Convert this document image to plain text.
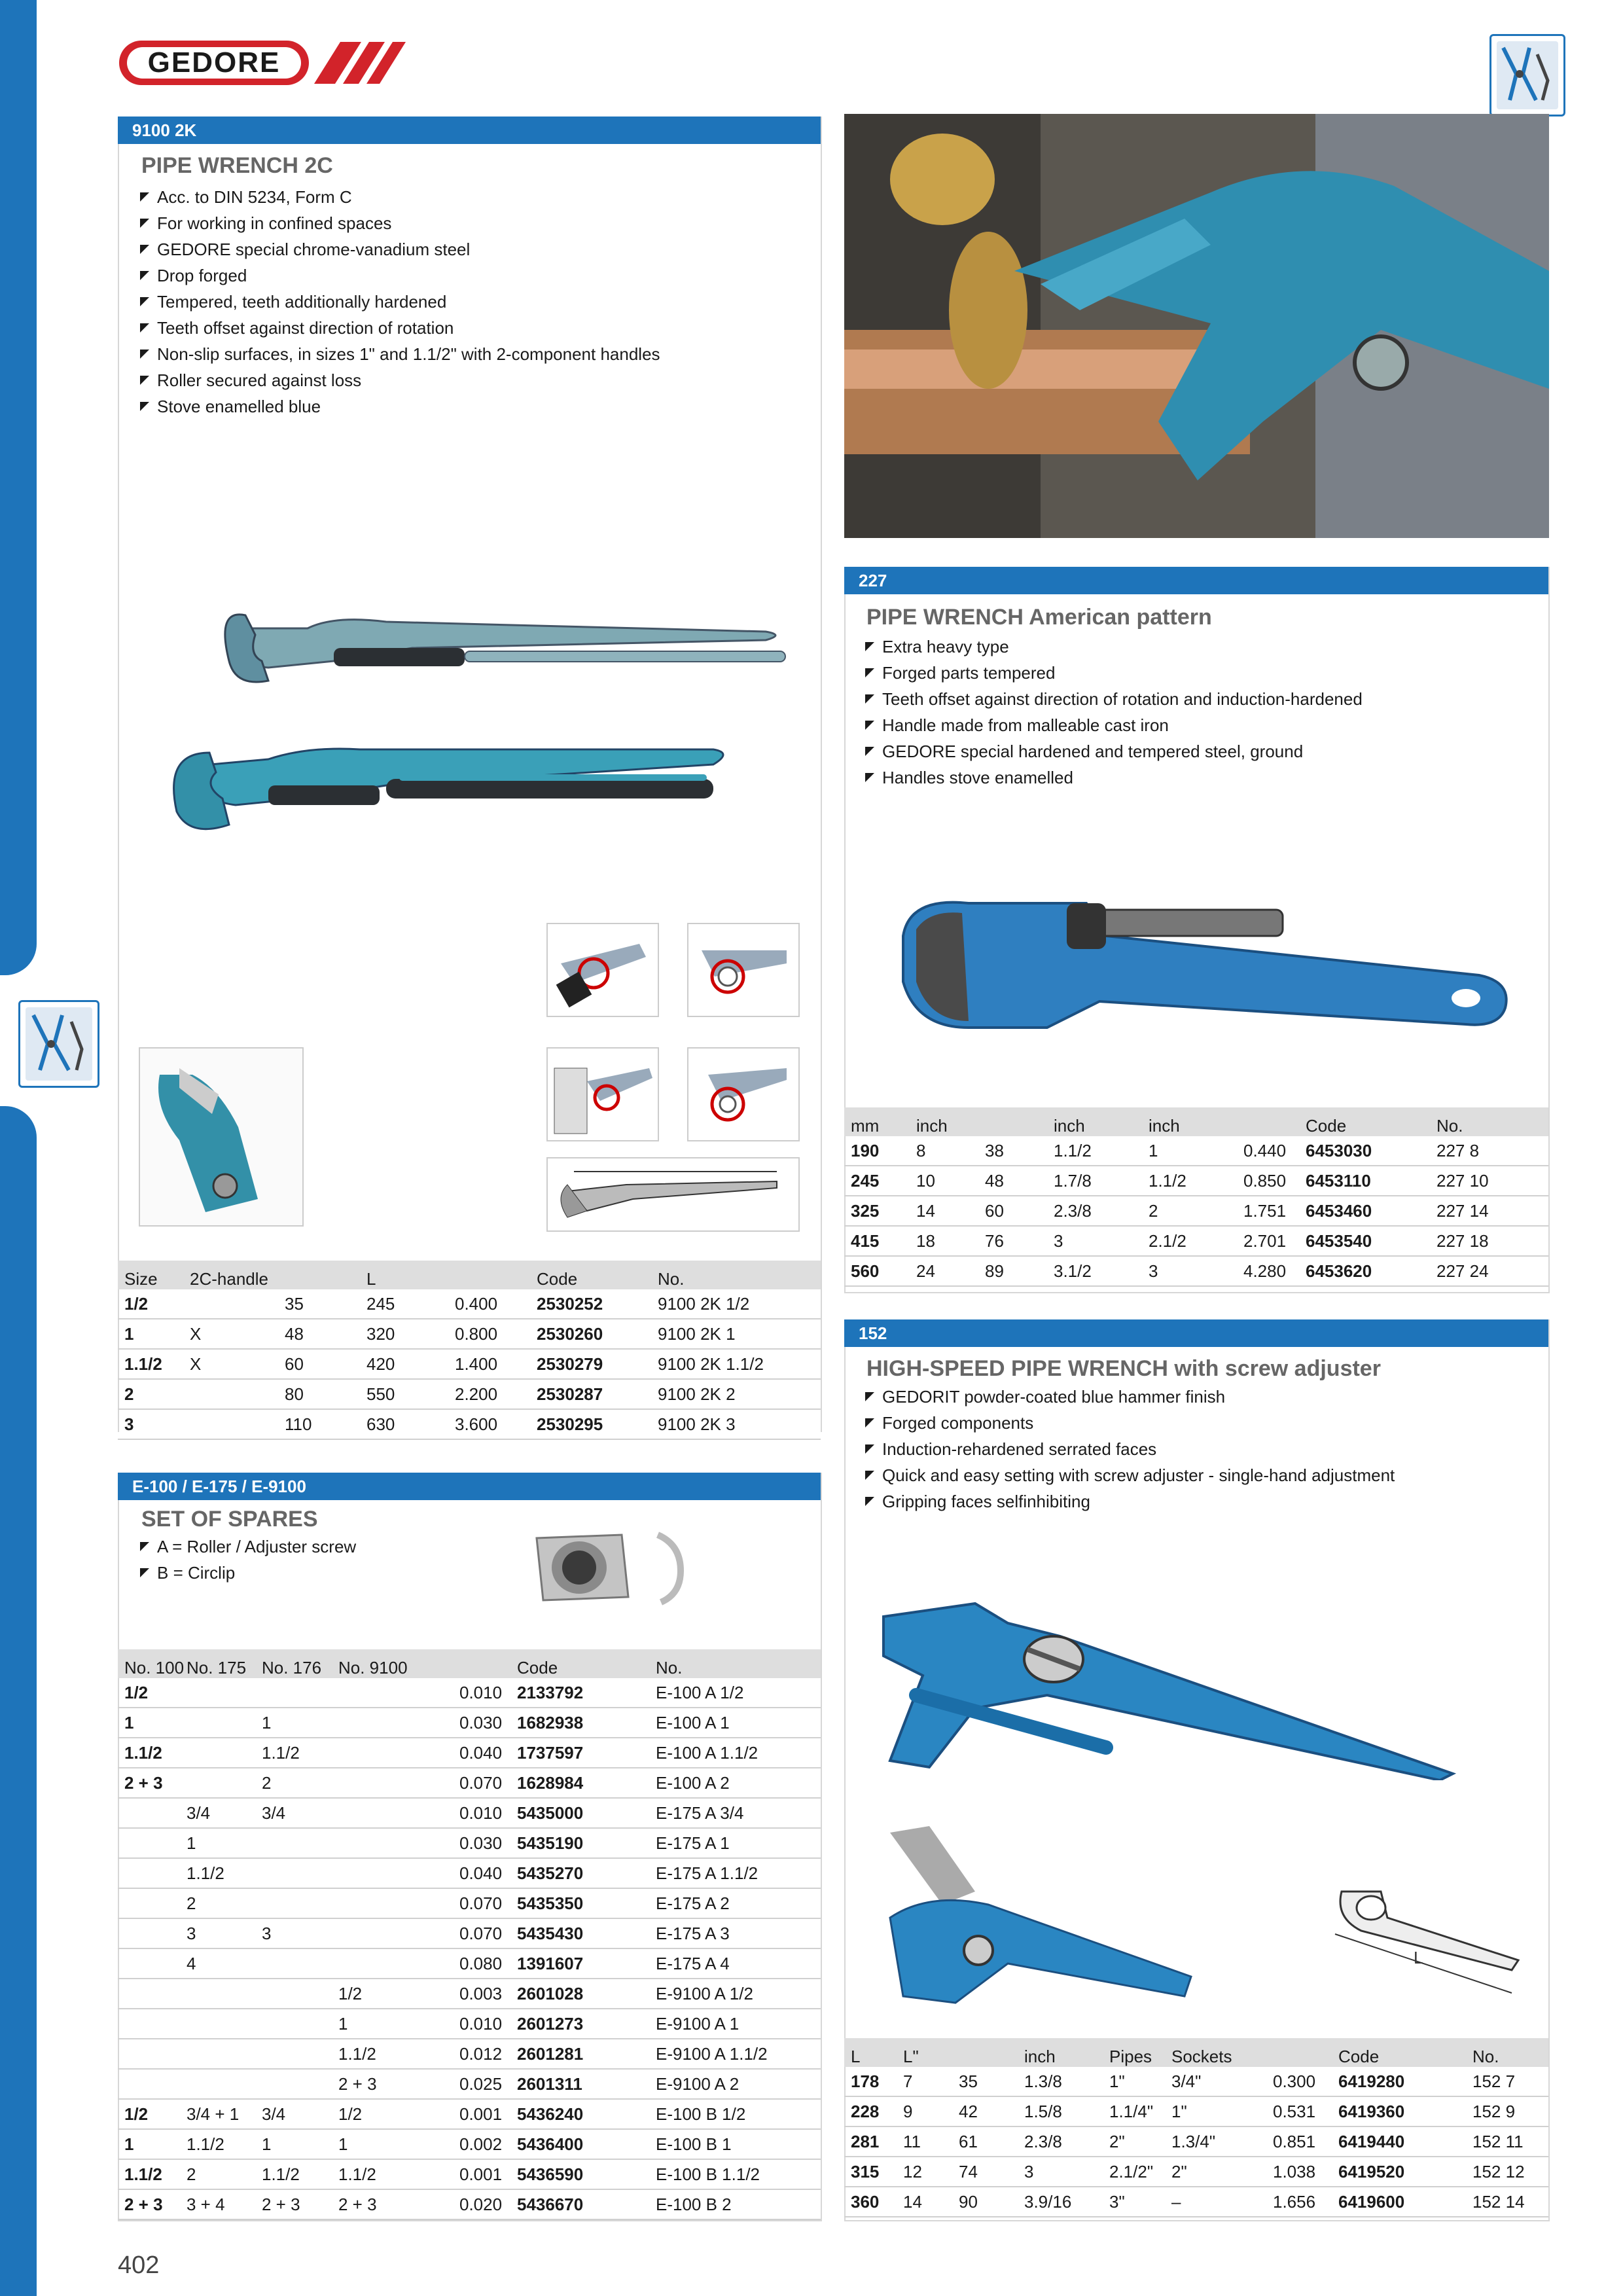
GEDORE
9100 2K
PIPE WRENCH 2C
Acc. to DIN 5234, Form C
For working in confined spaces
GEDORE special chrome-vanadium steel
Drop forged
Tempered, teeth additionally hardened
Teeth offset against direction of rotation
Non-slip surfaces, in sizes 1" and 1.1/2" with 2-component handles
Roller secured against loss
Stove enamelled blue
Size	2C-handle		L		Code	No.
1/2		35	245	0.400	2530252	9100 2K 1/2
1	X	48	320	0.800	2530260	9100 2K 1
1.1/2	X	60	420	1.400	2530279	9100 2K 1.1/2
2		80	550	2.200	2530287	9100 2K 2
3		110	630	3.600	2530295	9100 2K 3
E-100 / E-175 / E-9100
SET OF SPARES
A = Roller / Adjuster screw
B = Circlip
No. 100	No. 175	No. 176	No. 9100		Code	No.
1/2				0.010	2133792	E-100 A 1/2
1		1		0.030	1682938	E-100 A 1
1.1/2		1.1/2		0.040	1737597	E-100 A 1.1/2
2 + 3		2		0.070	1628984	E-100 A 2
	3/4	3/4		0.010	5435000	E-175 A 3/4
	1			0.030	5435190	E-175 A 1
	1.1/2			0.040	5435270	E-175 A 1.1/2
	2			0.070	5435350	E-175 A 2
	3	3		0.070	5435430	E-175 A 3
	4			0.080	1391607	E-175 A 4
			1/2	0.003	2601028	E-9100 A 1/2
			1	0.010	2601273	E-9100 A 1
			1.1/2	0.012	2601281	E-9100 A 1.1/2
			2 + 3	0.025	2601311	E-9100 A 2
1/2	3/4 + 1	3/4	1/2	0.001	5436240	E-100 B 1/2
1	1.1/2	1	1	0.002	5436400	E-100 B 1
1.1/2	2	1.1/2	1.1/2	0.001	5436590	E-100 B 1.1/2
2 + 3	3 + 4	2 + 3	2 + 3	0.020	5436670	E-100 B 2
402
227
PIPE WRENCH American pattern
Extra heavy type
Forged parts tempered
Teeth offset against direction of rotation and induction-hardened
Handle made from malleable cast iron
GEDORE special hardened and tempered steel, ground
Handles stove enamelled
mm	inch		inch	inch		Code	No.
190	8	38	1.1/2	1	0.440	6453030	227 8
245	10	48	1.7/8	1.1/2	0.850	6453110	227 10
325	14	60	2.3/8	2	1.751	6453460	227 14
415	18	76	3	2.1/2	2.701	6453540	227 18
560	24	89	3.1/2	3	4.280	6453620	227 24
152
HIGH-SPEED PIPE WRENCH with screw adjuster
GEDORIT powder-coated blue hammer finish
Forged components
Induction-rehardened serrated faces
Quick and easy setting with screw adjuster - single-hand adjustment
Gripping faces selfinhibiting
L
L	L"		inch	Pipes	Sockets		Code	No.
178	7	35	1.3/8	1"	3/4"	0.300	6419280	152 7
228	9	42	1.5/8	1.1/4"	1"	0.531	6419360	152 9
281	11	61	2.3/8	2"	1.3/4"	0.851	6419440	152 11
315	12	74	3	2.1/2"	2"	1.038	6419520	152 12
360	14	90	3.9/16	3"	–	1.656	6419600	152 14
